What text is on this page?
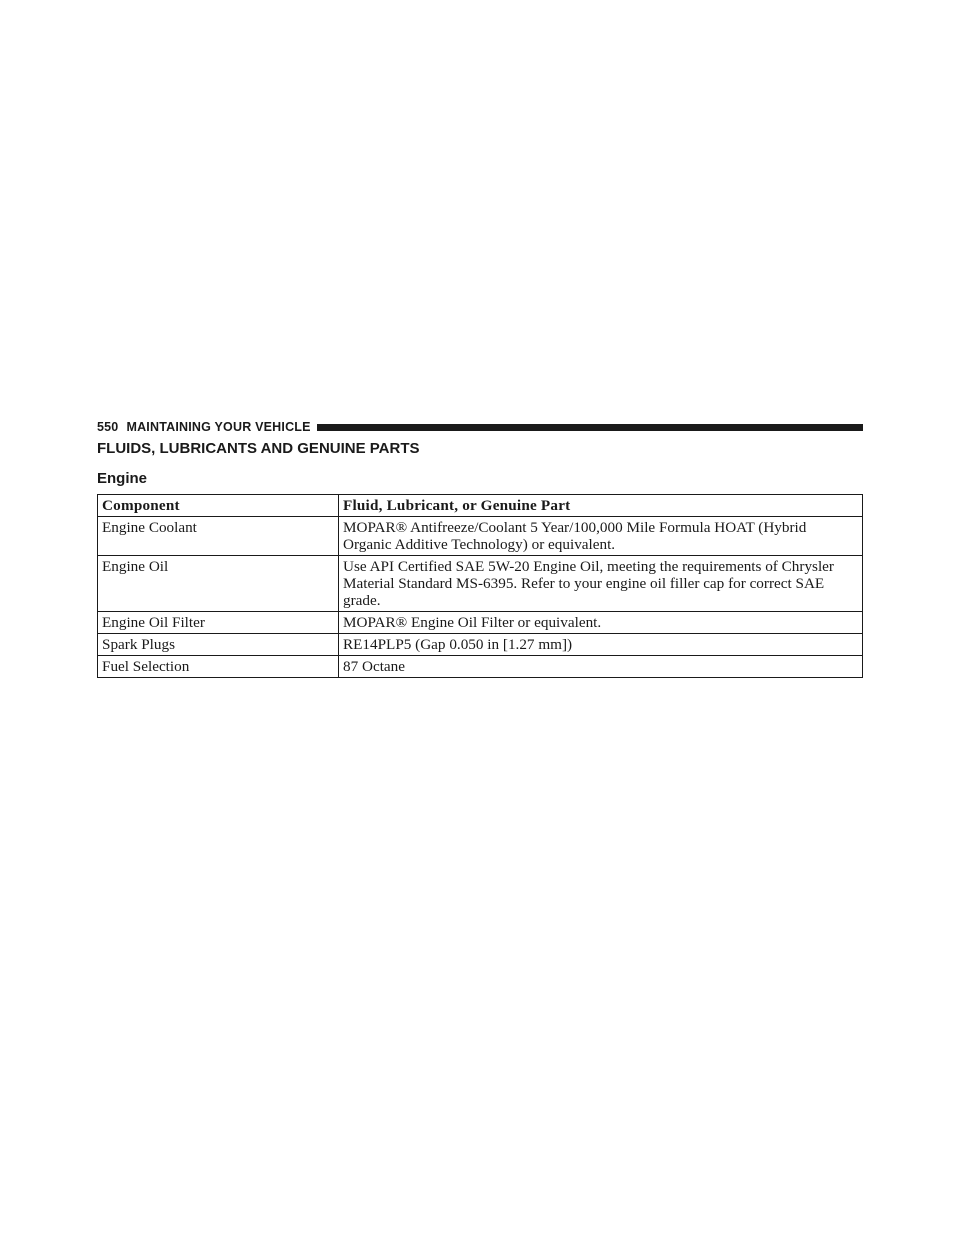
550 MAINTAINING YOUR VEHICLE
FLUIDS, LUBRICANTS AND GENUINE PARTS
Engine
Component	Fluid, Lubricant, or Genuine Part
Engine Coolant	MOPAR® Antifreeze/Coolant 5 Year/100,000 Mile Formula HOAT (Hybrid Organic Additive Technology) or equivalent.
Engine Oil	Use API Certified SAE 5W-20 Engine Oil, meeting the requirements of Chrysler Material Standard MS-6395. Refer to your engine oil filler cap for correct SAE grade.
Engine Oil Filter	MOPAR® Engine Oil Filter or equivalent.
Spark Plugs	RE14PLP5 (Gap 0.050 in [1.27 mm])
Fuel Selection	87 Octane
